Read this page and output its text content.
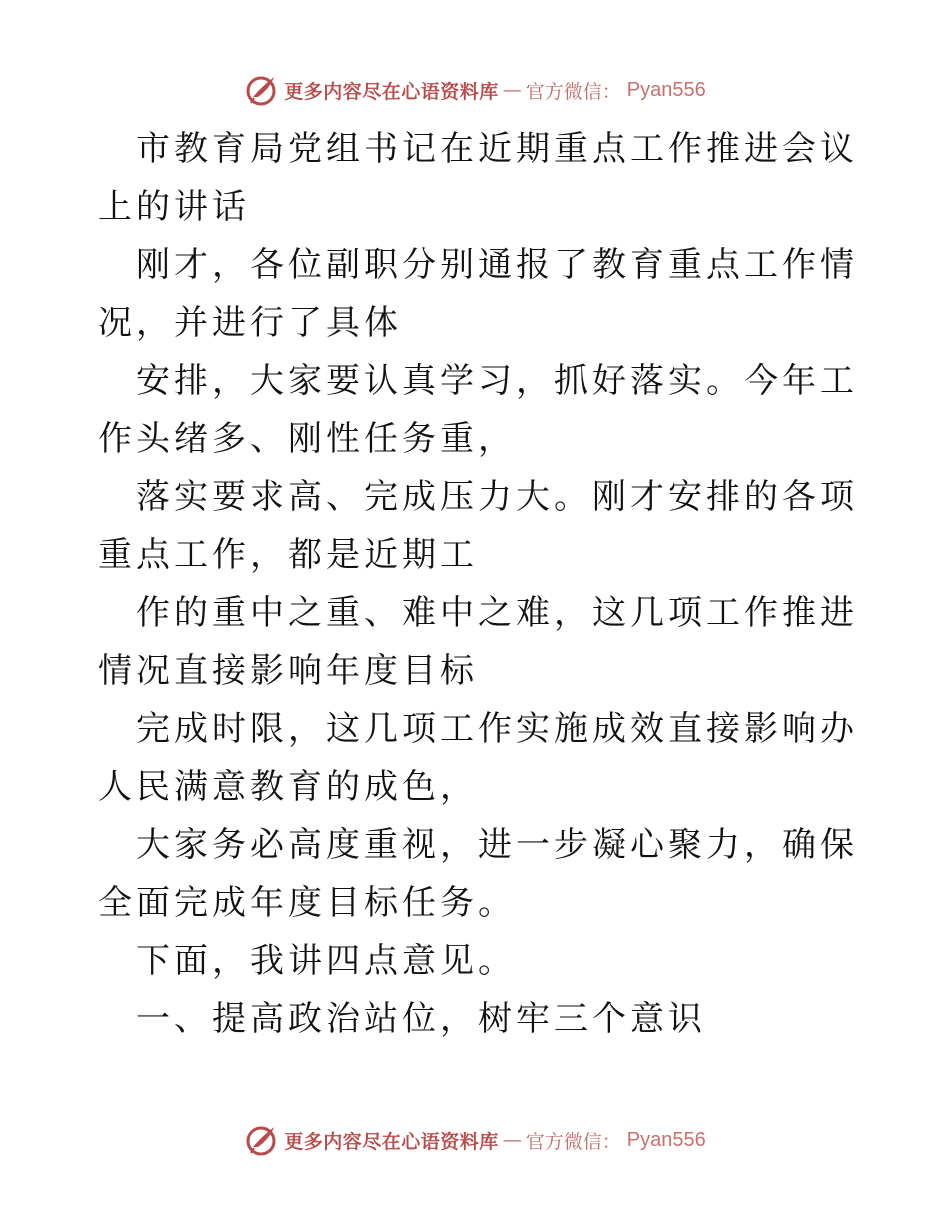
更多内容尽在心语资料库 — 官方微信： Pyan556

市教育局党组书记在近期重点工作推进会议上的讲话

刚才，各位副职分别通报了教育重点工作情况，并进行了具体

安排，大家要认真学习，抓好落实。今年工作头绪多、刚性任务重，

落实要求高、完成压力大。刚才安排的各项重点工作，都是近期工

作的重中之重、难中之难，这几项工作推进情况直接影响年度目标

完成时限，这几项工作实施成效直接影响办人民满意教育的成色，

大家务必高度重视，进一步凝心聚力，确保全面完成年度目标任务。

下面，我讲四点意见。

一、提高政治站位，树牢三个意识

更多内容尽在心语资料库 — 官方微信： Pyan556
